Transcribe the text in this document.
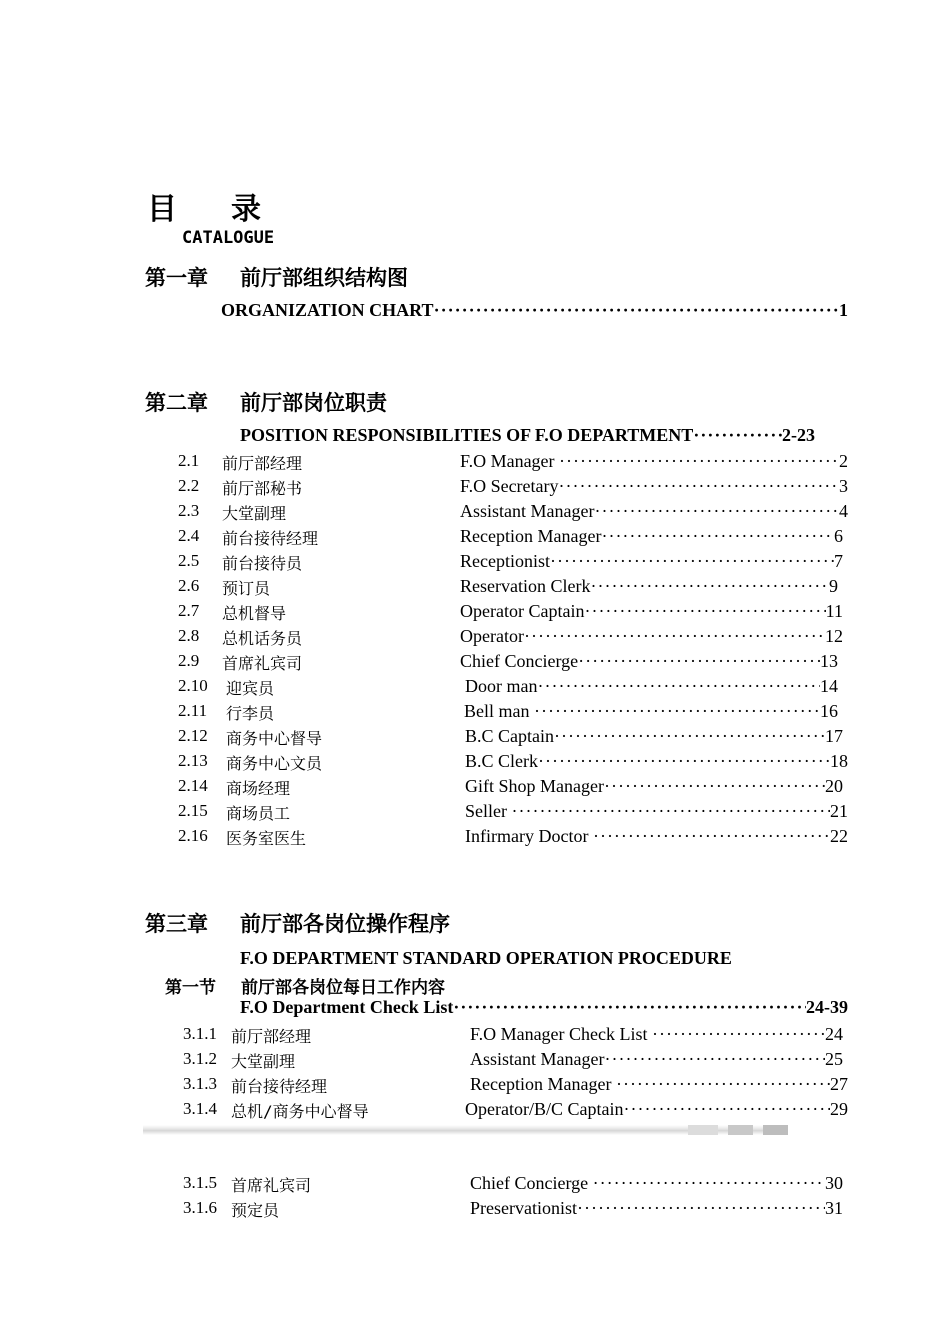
目 录
CATALOGUE
第一章 前厅部组织结构图
ORGANIZATION CHART ·····	1
第二章 前厅部岗位职责
POSITION RESPONSIBILITIES OF F.O DEPARTMENT ·····	2-23
2.1 前厅部经理	F.O Manager ·····	2
2.2 前厅部秘书	F.O Secretary ·····	3
2.3 大堂副理	Assistant Manager ·····	4
2.4 前台接待经理	Reception Manager ·····	6
2.5 前台接待员	Receptionist ·····	7
2.6 预订员	Reservation Clerk ·····	9
2.7 总机督导	Operator Captain ·····	11
2.8 总机话务员	Operator ·····	12
2.9 首席礼宾司	Chief Concierge ·····	13
2.10 迎宾员	Door man ·····	14
2.11 行李员	Bell man ·····	16
2.12 商务中心督导	B.C Captain ·····	17
2.13 商务中心文员	B.C Clerk ·····	18
2.14 商场经理	Gift Shop Manager ·····	20
2.15 商场员工	Seller ·····	21
2.16 医务室医生	Infirmary Doctor ·····	22
第三章 前厅部各岗位操作程序
F.O DEPARTMENT STANDARD OPERATION PROCEDURE
第一节 前厅部各岗位每日工作内容
F.O Department Check List ·····	24-39
3.1.1 前厅部经理	F.O Manager Check List ·····	24
3.1.2 大堂副理	Assistant Manager ·····	25
3.1.3 前台接待经理	Reception Manager ·····	27
3.1.4 总机/商务中心督导	Operator/B/C Captain ·····	29
3.1.5 首席礼宾司	Chief Concierge ·····	30
3.1.6 预定员	Preservationist ·····	31
